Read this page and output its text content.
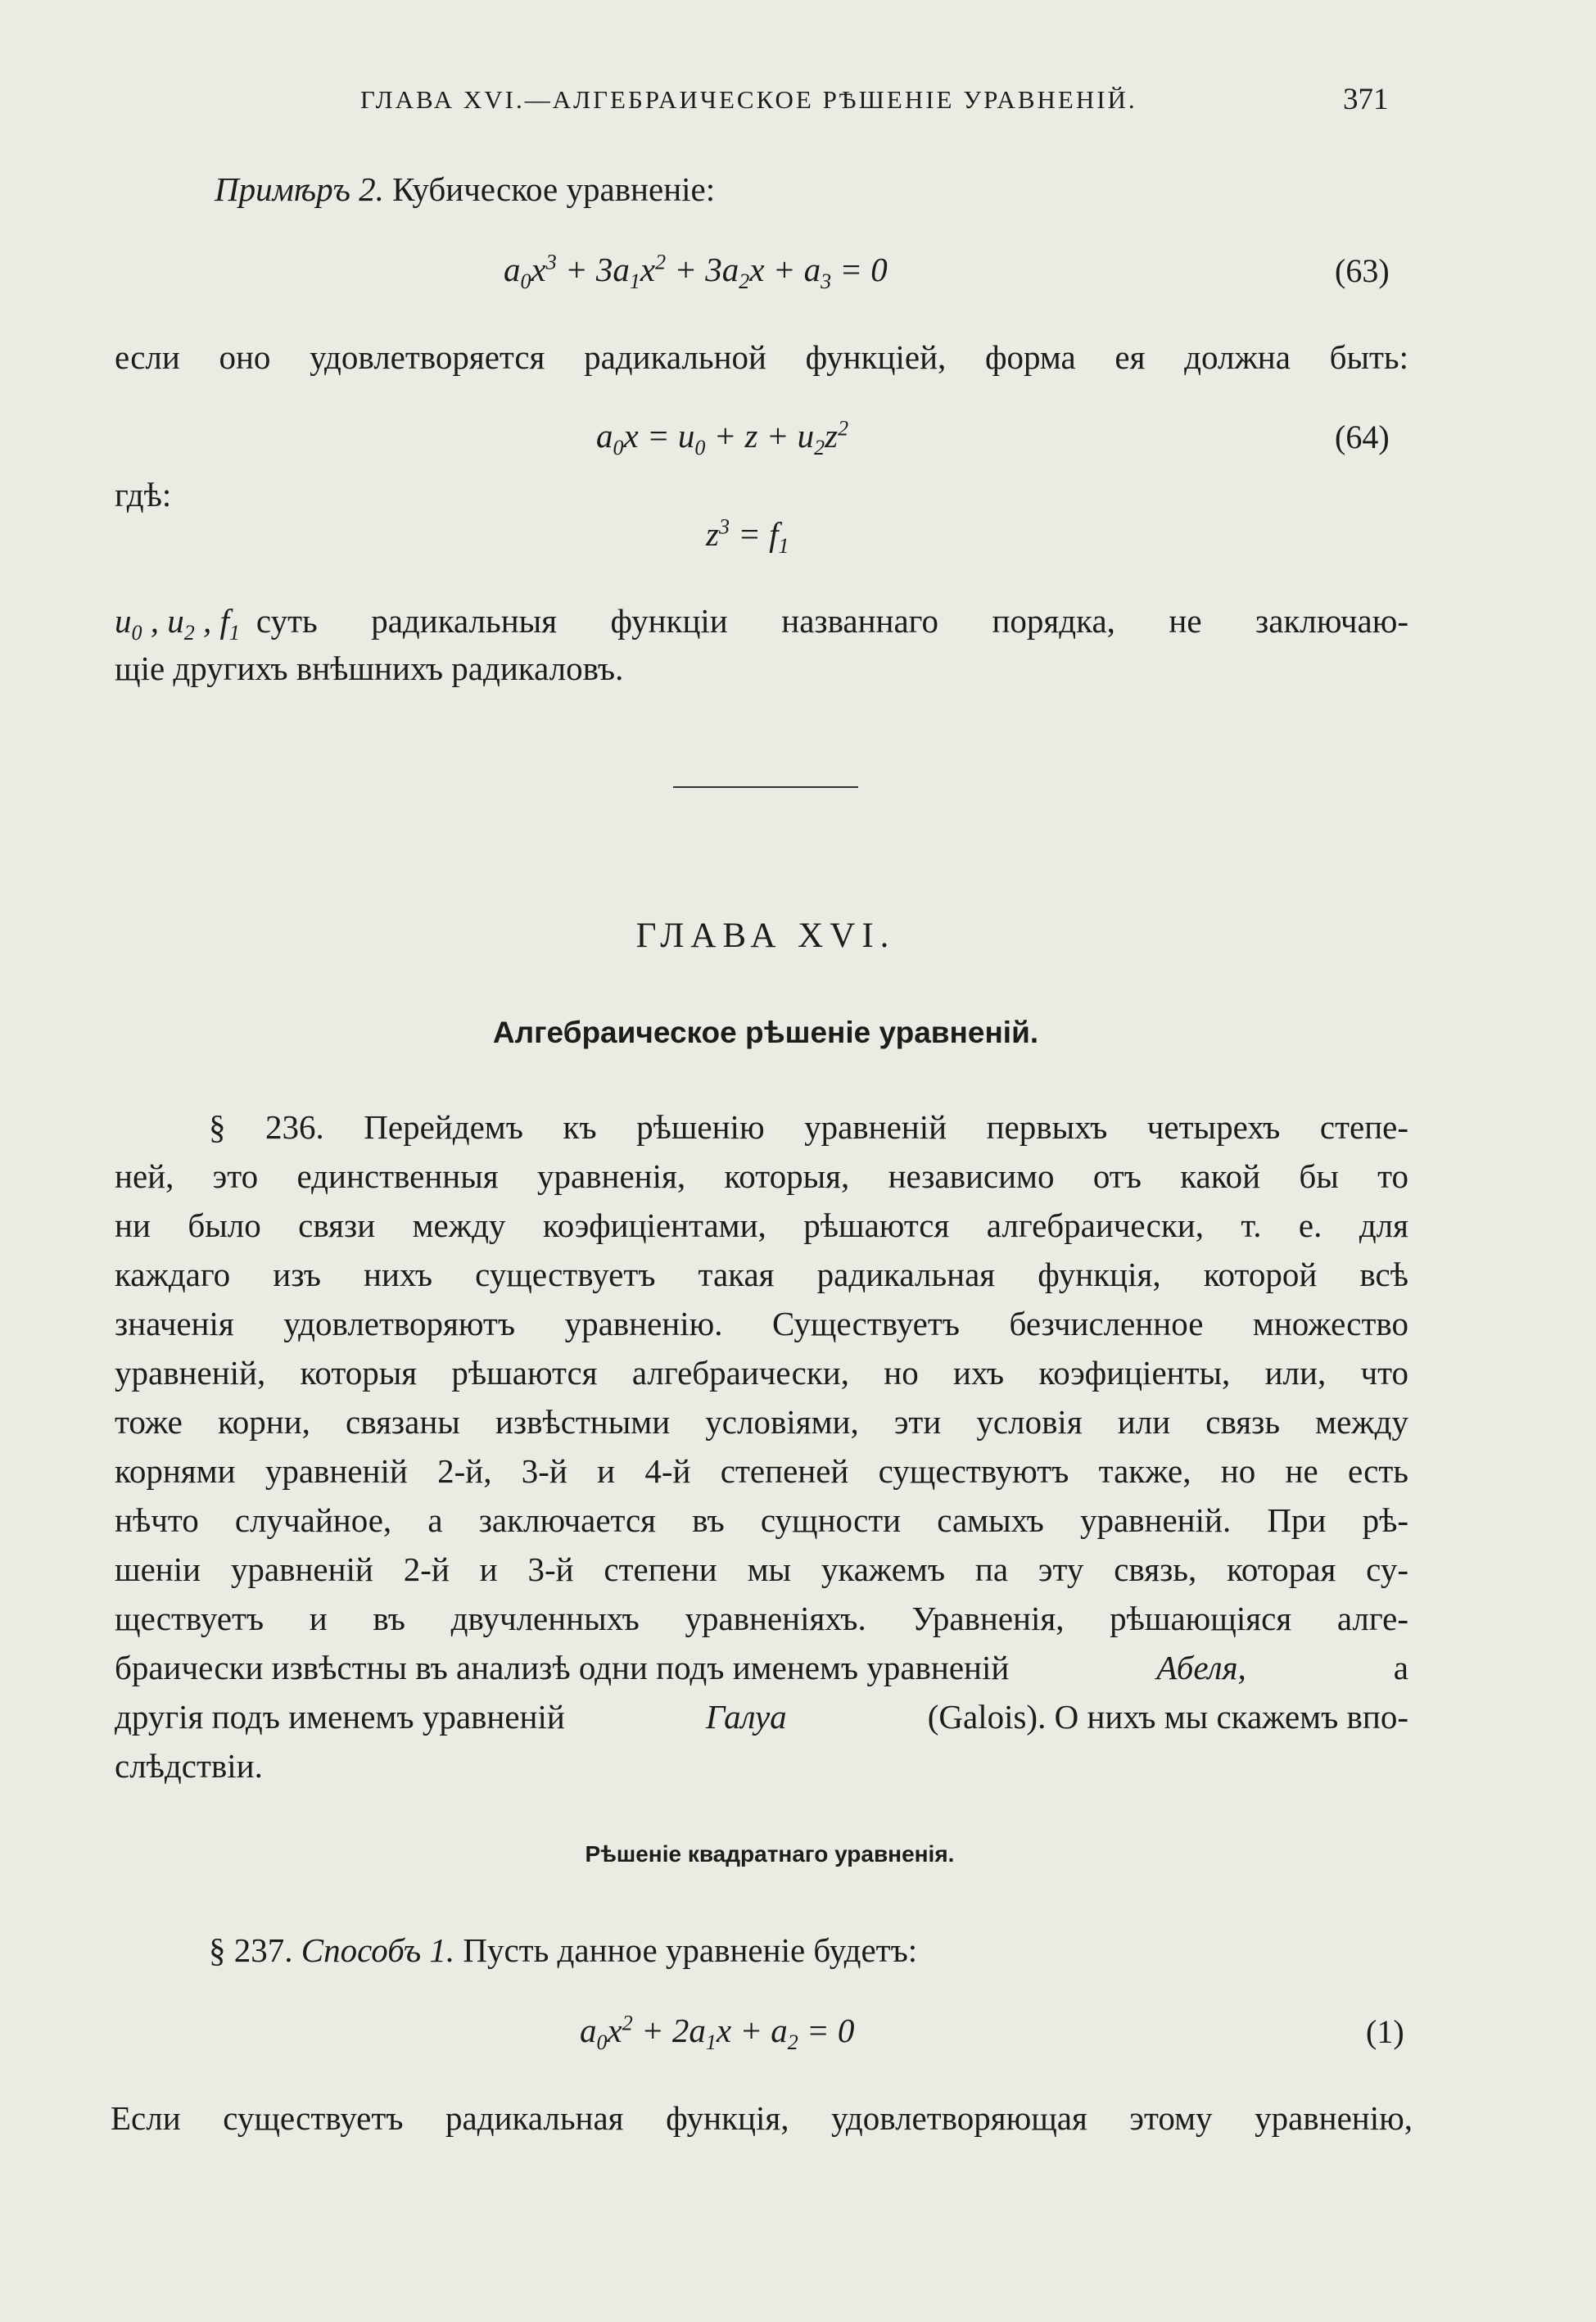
ГЛАВА XVI.—АЛГЕБРАИЧЕСКОЕ РѢШЕНІЕ УРАВНЕНІЙ.	371
Примѣръ 2. Кубическое уравненіе:
$a_0x^3 + 3a_1x^2 + 3a_2x + a_3 = 0$	(63)
если оно удовлетворяется радикальной функціей, форма ея должна быть:
$a_0x = u_0 + z + u_2z^2$	(64)
гдѣ:
$z^3 = f_1$
$u_0$ , $u_2$ , $f_1$ суть радикальныя функціи названнаго порядка, не заключаю-
щіе другихъ внѣшнихъ радикаловъ.
ГЛАВА XVI.
Алгебраическое рѣшеніе уравненій.
§ 236. Перейдемъ къ рѣшенію уравненій первыхъ четырехъ степе-
ней, это единственныя уравненія, которыя, независимо отъ какой бы то
ни было связи между коэфиціентами, рѣшаются алгебраически, т. е. для
каждаго изъ нихъ существуетъ такая радикальная функція, которой всѣ
значенія удовлетворяютъ уравненію. Существуетъ безчисленное множество
уравненій, которыя рѣшаются алгебраически, но ихъ коэфиціенты, или, что
тоже корни, связаны извѣстными условіями, эти условія или связь между
корнями уравненій 2-й, 3-й и 4-й степеней существуютъ также, но не есть
нѣчто случайное, а заключается въ сущности самыхъ уравненій. При рѣ-
шеніи уравненій 2-й и 3-й степени мы укажемъ па эту связь, которая су-
ществуетъ и въ двучленныхъ уравненіяхъ. Уравненія, рѣшающіяся алге-
браически извѣстны въ анализѣ одни подъ именемъ уравненій	Абеля,	а
другія подъ именемъ уравненій	Галуа	(Galois). О нихъ мы скажемъ впо-
слѣдствіи.
Рѣшеніе квадратнаго уравненія.
§ 237. Способъ 1. Пусть данное уравненіе будетъ:
$a_0x^2 + 2a_1x + a_2 = 0$	(1)
Если существуетъ радикальная функція, удовлетворяющая этому уравненію,
